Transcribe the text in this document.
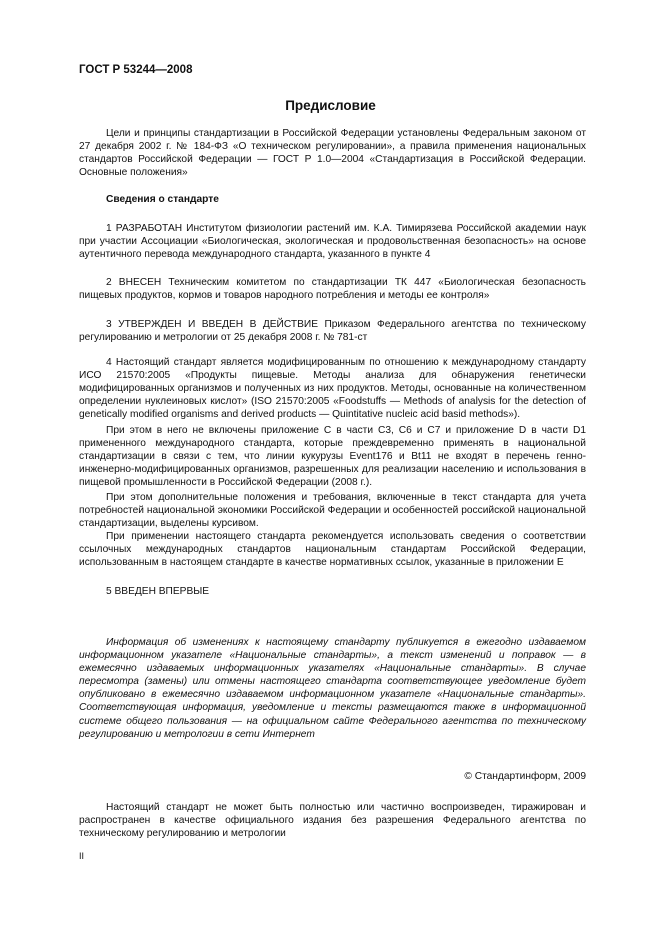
ГОСТ Р 53244—2008
Предисловие

Цели и принципы стандартизации в Российской Федерации установлены Федеральным законом от 27 декабря 2002 г. № 184-ФЗ «О техническом регулировании», а правила применения национальных стандартов Российской Федерации — ГОСТ Р 1.0—2004 «Стандартизация в Российской Федерации. Основные положения»

Сведения о стандарте

1 РАЗРАБОТАН Институтом физиологии растений им. К.А. Тимирязева Российской академии наук при участии Ассоциации «Биологическая, экологическая и продовольственная безопасность» на основе аутентичного перевода международного стандарта, указанного в пункте 4

2 ВНЕСЕН Техническим комитетом по стандартизации ТК 447 «Биологическая безопасность пищевых продуктов, кормов и товаров народного потребления и методы ее контроля»

3 УТВЕРЖДЕН И ВВЕДЕН В ДЕЙСТВИЕ Приказом Федерального агентства по техническому регулированию и метрологии от 25 декабря 2008 г. № 781-ст

4 Настоящий стандарт является модифицированным по отношению к международному стандарту ИСО 21570:2005 «Продукты пищевые. Методы анализа для обнаружения генетически модифицированных организмов и полученных из них продуктов. Методы, основанные на количественном определении нуклеиновых кислот» (ISO 21570:2005 «Foodstuffs — Methods of analysis for the detection of genetically modified organisms and derived products — Quintitative nucleic acid basid methods»).

При этом в него не включены приложение С в части С3, С6 и С7 и приложение D в части D1 примененного международного стандарта, которые преждевременно применять в национальной стандартизации в связи с тем, что линии кукурузы Event176 и Bt11 не входят в перечень генно-инженерно-модифицированных организмов, разрешенных для реализации населению и использования в пищевой промышленности в Российской Федерации (2008 г.).

При этом дополнительные положения и требования, включенные в текст стандарта для учета потребностей национальной экономики Российской Федерации и особенностей российской национальной стандартизации, выделены курсивом.

При применении настоящего стандарта рекомендуется использовать сведения о соответствии ссылочных международных стандартов национальным стандартам Российской Федерации, использованным в настоящем стандарте в качестве нормативных ссылок, указанные в приложении Е

5 ВВЕДЕН ВПЕРВЫЕ

Информация об изменениях к настоящему стандарту публикуется в ежегодно издаваемом информационном указателе «Национальные стандарты», а текст изменений и поправок — в ежемесячно издаваемых информационных указателях «Национальные стандарты». В случае пересмотра (замены) или отмены настоящего стандарта соответствующее уведомление будет опубликовано в ежемесячно издаваемом информационном указателе «Национальные стандарты». Соответствующая информация, уведомление и тексты размещаются также в информационной системе общего пользования — на официальном сайте Федерального агентства по техническому регулированию и метрологии в сети Интернет

© Стандартинформ, 2009

Настоящий стандарт не может быть полностью или частично воспроизведен, тиражирован и распространен в качестве официального издания без разрешения Федерального агентства по техническому регулированию и метрологии

II
